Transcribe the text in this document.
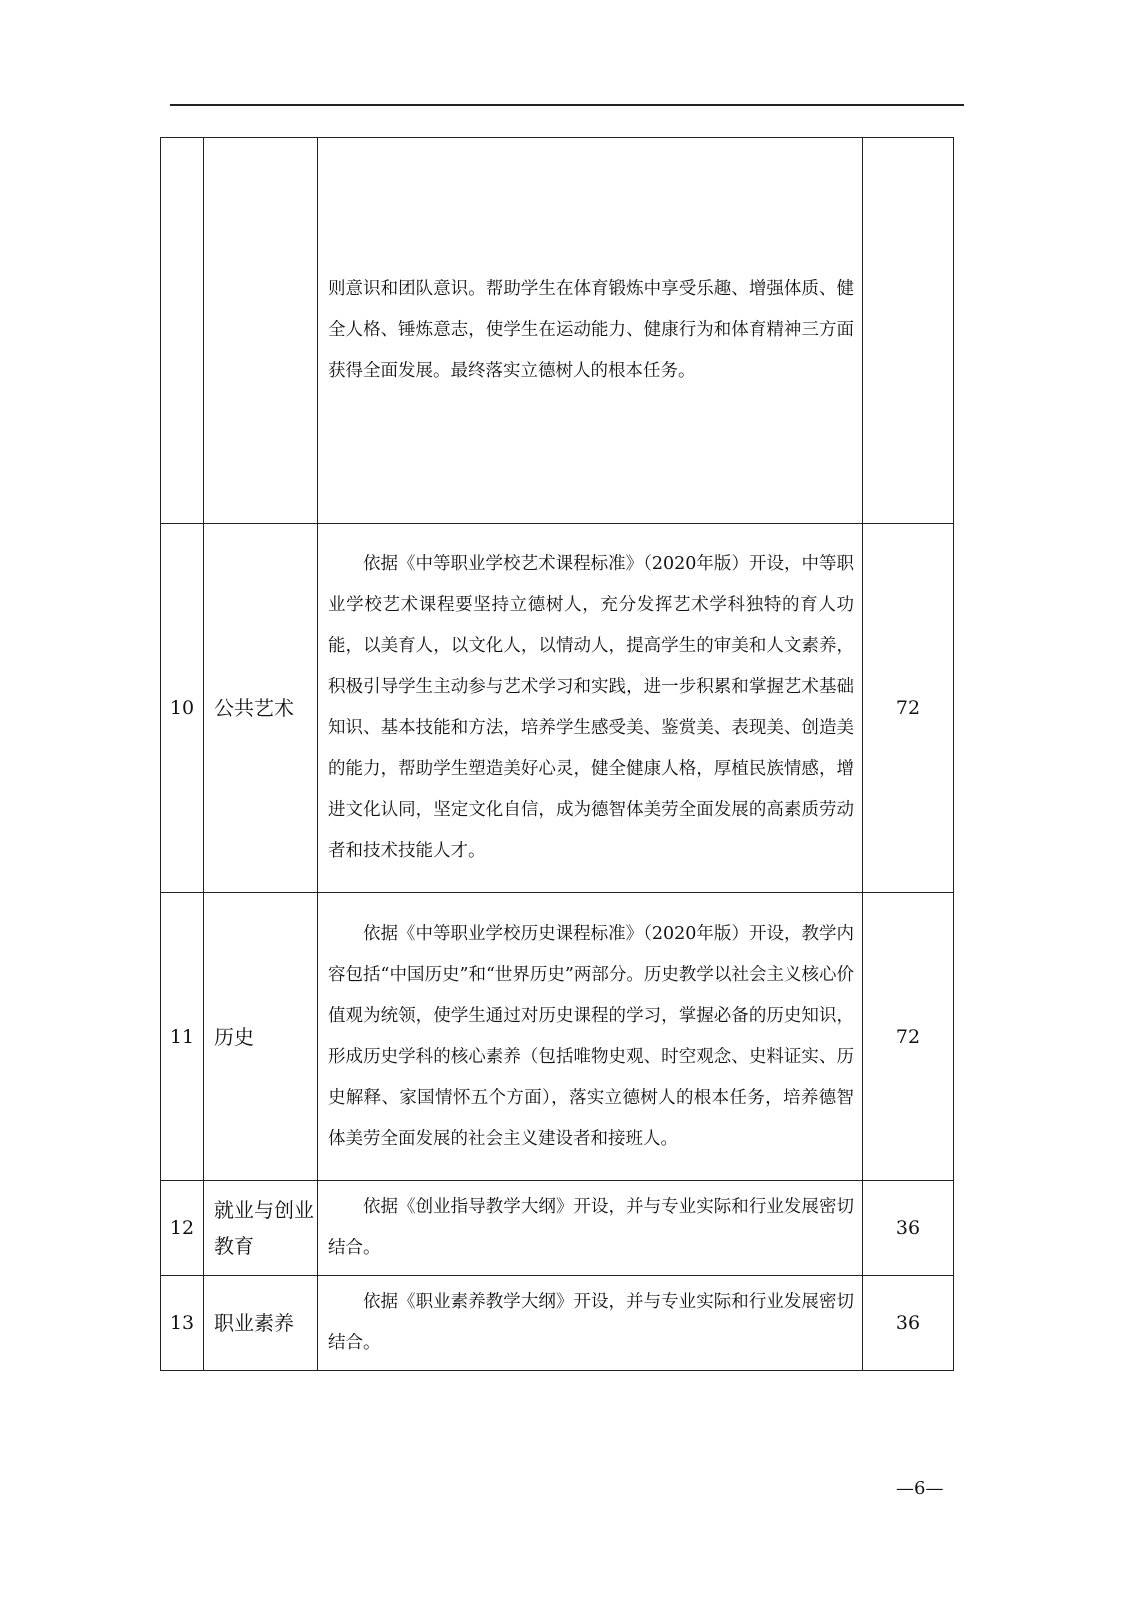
		则意识和团队意识。帮助学生在体育锻炼中享受乐趣、增强体质、健全人格、锤炼意志，使学生在运动能力、健康行为和体育精神三方面获得全面发展。最终落实立德树人的根本任务。	

10	公共艺术	依据《中等职业学校艺术课程标准》（2020年版）开设，中等职业学校艺术课程要坚持立德树人，充分发挥艺术学科独特的育人功能，以美育人，以文化人，以情动人，提高学生的审美和人文素养，积极引导学生主动参与艺术学习和实践，进一步积累和掌握艺术基础知识、基本技能和方法，培养学生感受美、鉴赏美、表现美、创造美的能力，帮助学生塑造美好心灵，健全健康人格，厚植民族情感，增进文化认同，坚定文化自信，成为德智体美劳全面发展的高素质劳动者和技术技能人才。	72
11	历史	依据《中等职业学校历史课程标准》（2020年版）开设，教学内容包括“中国历史”和“世界历史”两部分。历史教学以社会主义核心价值观为统领，使学生通过对历史课程的学习，掌握必备的历史知识，形成历史学科的核心素养（包括唯物史观、时空观念、史料证实、历史解释、家国情怀五个方面），落实立德树人的根本任务，培养德智体美劳全面发展的社会主义建设者和接班人。	72
12	就业与创业教育	依据《创业指导教学大纲》开设，并与专业实际和行业发展密切结合。	36
13	职业素养	依据《职业素养教学大纲》开设，并与专业实际和行业发展密切结合。	36
—6—
